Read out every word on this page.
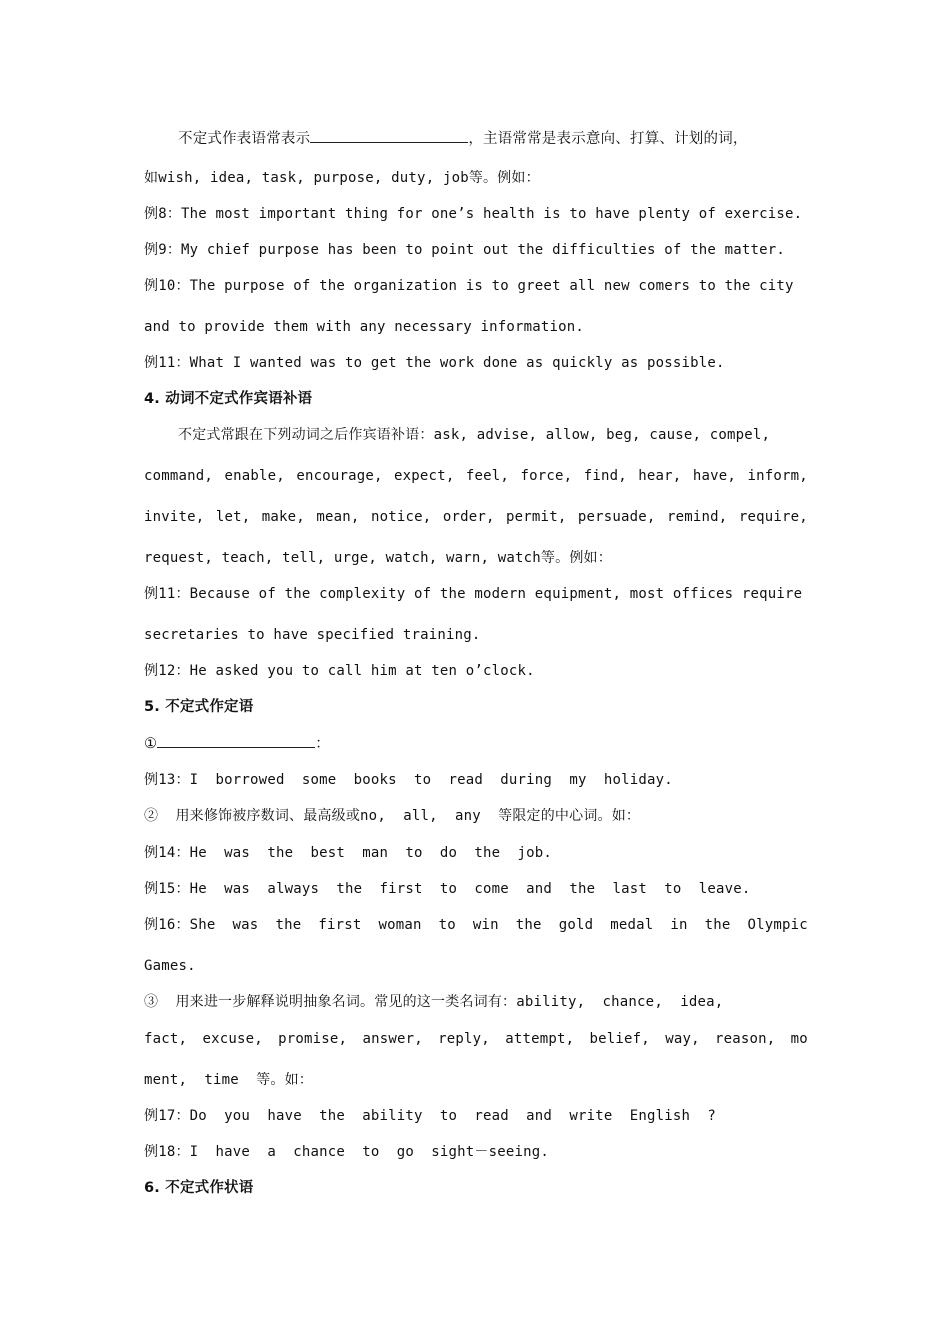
不定式作表语常表示	，主语常常是表示意向、打算、计划的词，
如wish, idea, task, purpose, duty, job等。例如：
例8：The most important thing for one’s health is to have plenty of exercise.
例9：My chief purpose has been to point out the difficulties of the matter.
例10：The purpose of the organization is to greet all new comers to the city
and to provide them with any necessary information.
例11：What I wanted was to get the work done as quickly as possible.
4. 动词不定式作宾语补语
不定式常跟在下列动词之后作宾语补语：ask, advise, allow, beg, cause, compel,
command, enable, encourage, expect, feel, force, find, hear, have, inform,
invite, let, make, mean, notice, order, permit, persuade, remind, require,
request, teach, tell, urge, watch, warn, watch等。例如：
例11：Because of the complexity of the modern equipment, most offices require
secretaries to have specified training.
例12：He asked you to call him at ten o’clock.
5. 不定式作定语
①	：
例13：I  borrowed  some  books  to  read  during  my  holiday.
②  用来修饰被序数词、最高级或no,  all,  any  等限定的中心词。如：
例14：He  was  the  best  man  to  do  the  job.
例15：He  was  always  the  first  to  come  and  the  last  to  leave.
例16：She was the first woman to win the gold medal in the Olympic
Games.
③  用来进一步解释说明抽象名词。常见的这一类名词有：ability,  chance,  idea,
fact, excuse, promise, answer, reply, attempt, belief, way, reason, mo
ment,  time  等。如：
例17：Do  you  have  the  ability  to  read  and  write  English  ?
例18：I  have  a  chance  to  go  sight－seeing.
6. 不定式作状语
